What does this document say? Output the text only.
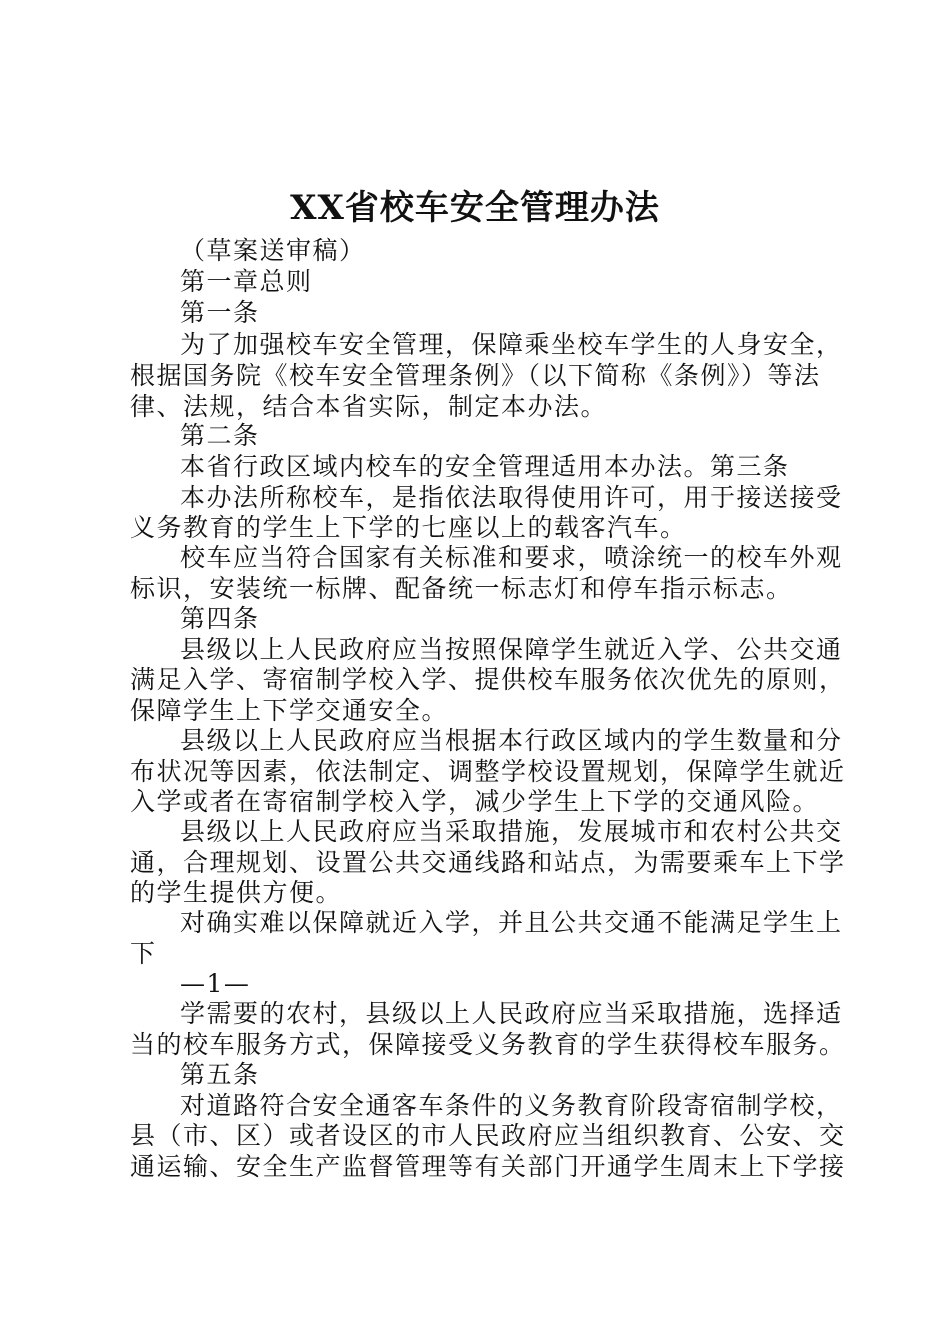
XX省校车安全管理办法
（草案送审稿）
第一章总则
第一条
为了加强校车安全管理，保障乘坐校车学生的人身安全，
根据国务院《校车安全管理条例》（以下简称《条例》）等法
律、法规，结合本省实际，制定本办法。
第二条
本省行政区域内校车的安全管理适用本办法。第三条
本办法所称校车，是指依法取得使用许可，用于接送接受
义务教育的学生上下学的七座以上的载客汽车。
校车应当符合国家有关标准和要求，喷涂统一的校车外观
标识，安装统一标牌、配备统一标志灯和停车指示标志。
第四条
县级以上人民政府应当按照保障学生就近入学、公共交通
满足入学、寄宿制学校入学、提供校车服务依次优先的原则，
保障学生上下学交通安全。
县级以上人民政府应当根据本行政区域内的学生数量和分
布状况等因素，依法制定、调整学校设置规划，保障学生就近
入学或者在寄宿制学校入学，减少学生上下学的交通风险。
县级以上人民政府应当采取措施，发展城市和农村公共交
通，合理规划、设置公共交通线路和站点，为需要乘车上下学
的学生提供方便。
对确实难以保障就近入学，并且公共交通不能满足学生上
下
—1—
学需要的农村，县级以上人民政府应当采取措施，选择适
当的校车服务方式，保障接受义务教育的学生获得校车服务。
第五条
对道路符合安全通客车条件的义务教育阶段寄宿制学校，
县（市、区）或者设区的市人民政府应当组织教育、公安、交
通运输、安全生产监督管理等有关部门开通学生周末上下学接
